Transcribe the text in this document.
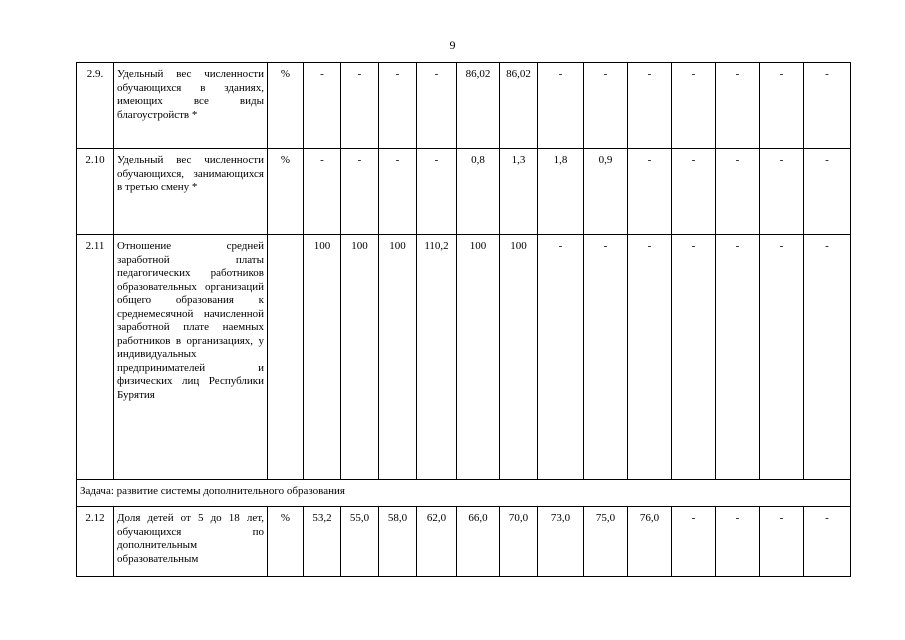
9
2.9.	Удельный вес численности обучающихся в зданиях, имеющих все виды благоустройств *	%	-	-	-	-	86,02	86,02	-	-	-	-	-	-	-
2.10	Удельный вес численности обучающихся, занимающихся в третью смену *	%	-	-	-	-	0,8	1,3	1,8	0,9	-	-	-	-	-
2.11	Отношение средней заработной платы педагогических работников образовательных организаций общего образования к среднемесячной начисленной заработной плате наемных работников в организациях, у индивидуальных предпринимателей и физических лиц Республики Бурятия		100	100	100	110,2	100	100	-	-	-	-	-	-	-
Задача: развитие системы дополнительного образования															
2.12	Доля детей от 5 до 18 лет, обучающихся по дополнительным образовательным	%	53,2	55,0	58,0	62,0	66,0	70,0	73,0	75,0	76,0	-	-	-	-
